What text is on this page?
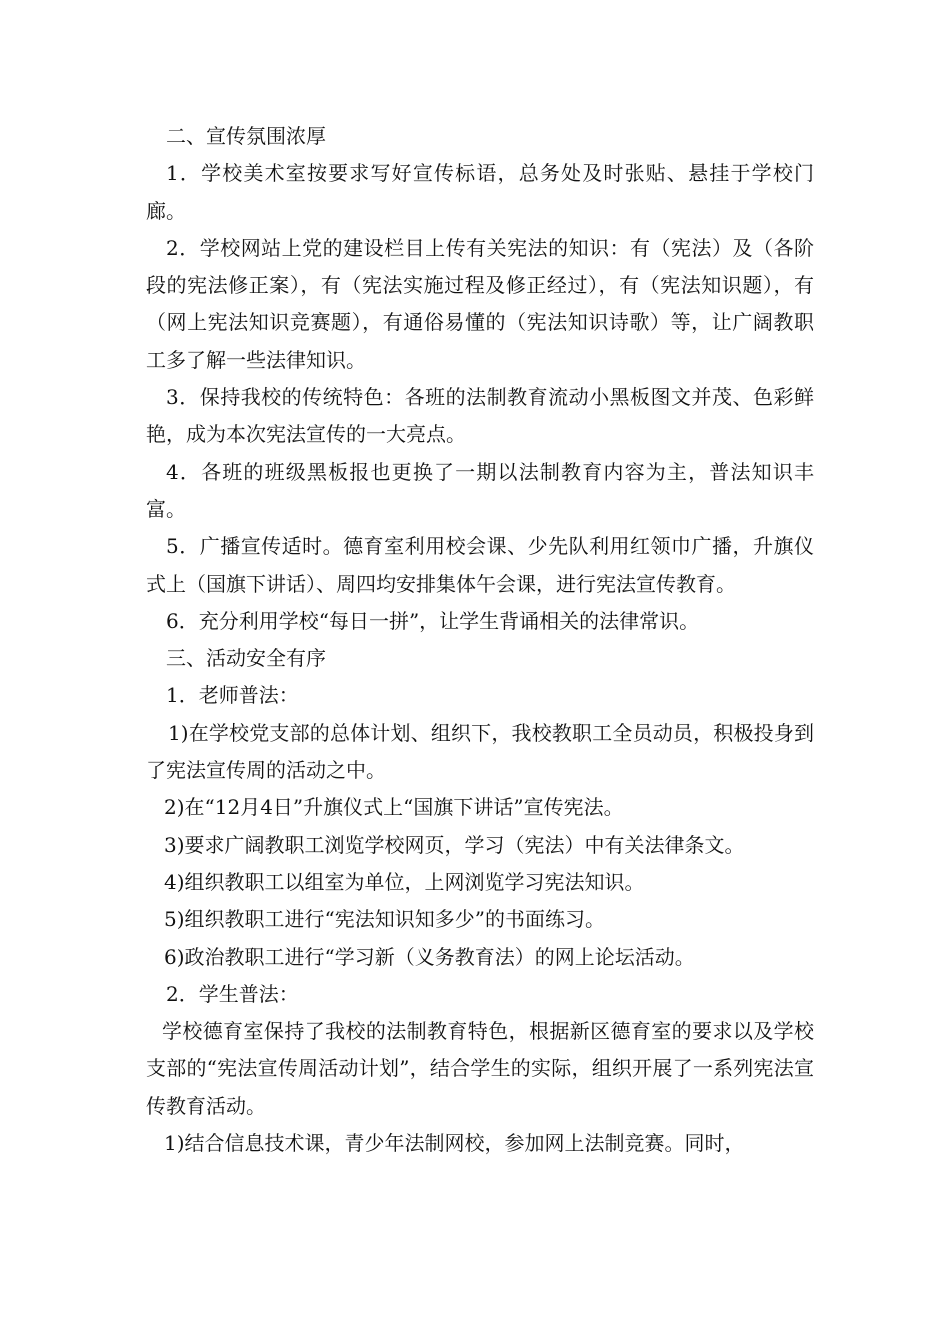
二、宣传氛围浓厚

1．学校美术室按要求写好宣传标语，总务处及时张贴、悬挂于学校门廊。

2．学校网站上党的建设栏目上传有关宪法的知识：有（宪法）及（各阶段的宪法修正案），有（宪法实施过程及修正经过），有（宪法知识题），有（网上宪法知识竞赛题），有通俗易懂的（宪法知识诗歌）等，让广阔教职工多了解一些法律知识。

3．保持我校的传统特色：各班的法制教育流动小黑板图文并茂、色彩鲜艳，成为本次宪法宣传的一大亮点。

4．各班的班级黑板报也更换了一期以法制教育内容为主，普法知识丰富。

5．广播宣传适时。德育室利用校会课、少先队利用红领巾广播，升旗仪式上（国旗下讲话）、周四均安排集体午会课，进行宪法宣传教育。

6．充分利用学校“每日一拼”，让学生背诵相关的法律常识。

三、活动安全有序

1．老师普法：

1)在学校党支部的总体计划、组织下，我校教职工全员动员，积极投身到了宪法宣传周的活动之中。

2)在“12月4日”升旗仪式上“国旗下讲话”宣传宪法。

3)要求广阔教职工浏览学校网页，学习（宪法）中有关法律条文。

4)组织教职工以组室为单位，上网浏览学习宪法知识。

5)组织教职工进行“宪法知识知多少”的书面练习。

6)政治教职工进行“学习新（义务教育法）的网上论坛活动。

2．学生普法：

学校德育室保持了我校的法制教育特色，根据新区德育室的要求以及学校支部的“宪法宣传周活动计划”，结合学生的实际，组织开展了一系列宪法宣传教育活动。

1)结合信息技术课，青少年法制网校，参加网上法制竞赛。同时，
